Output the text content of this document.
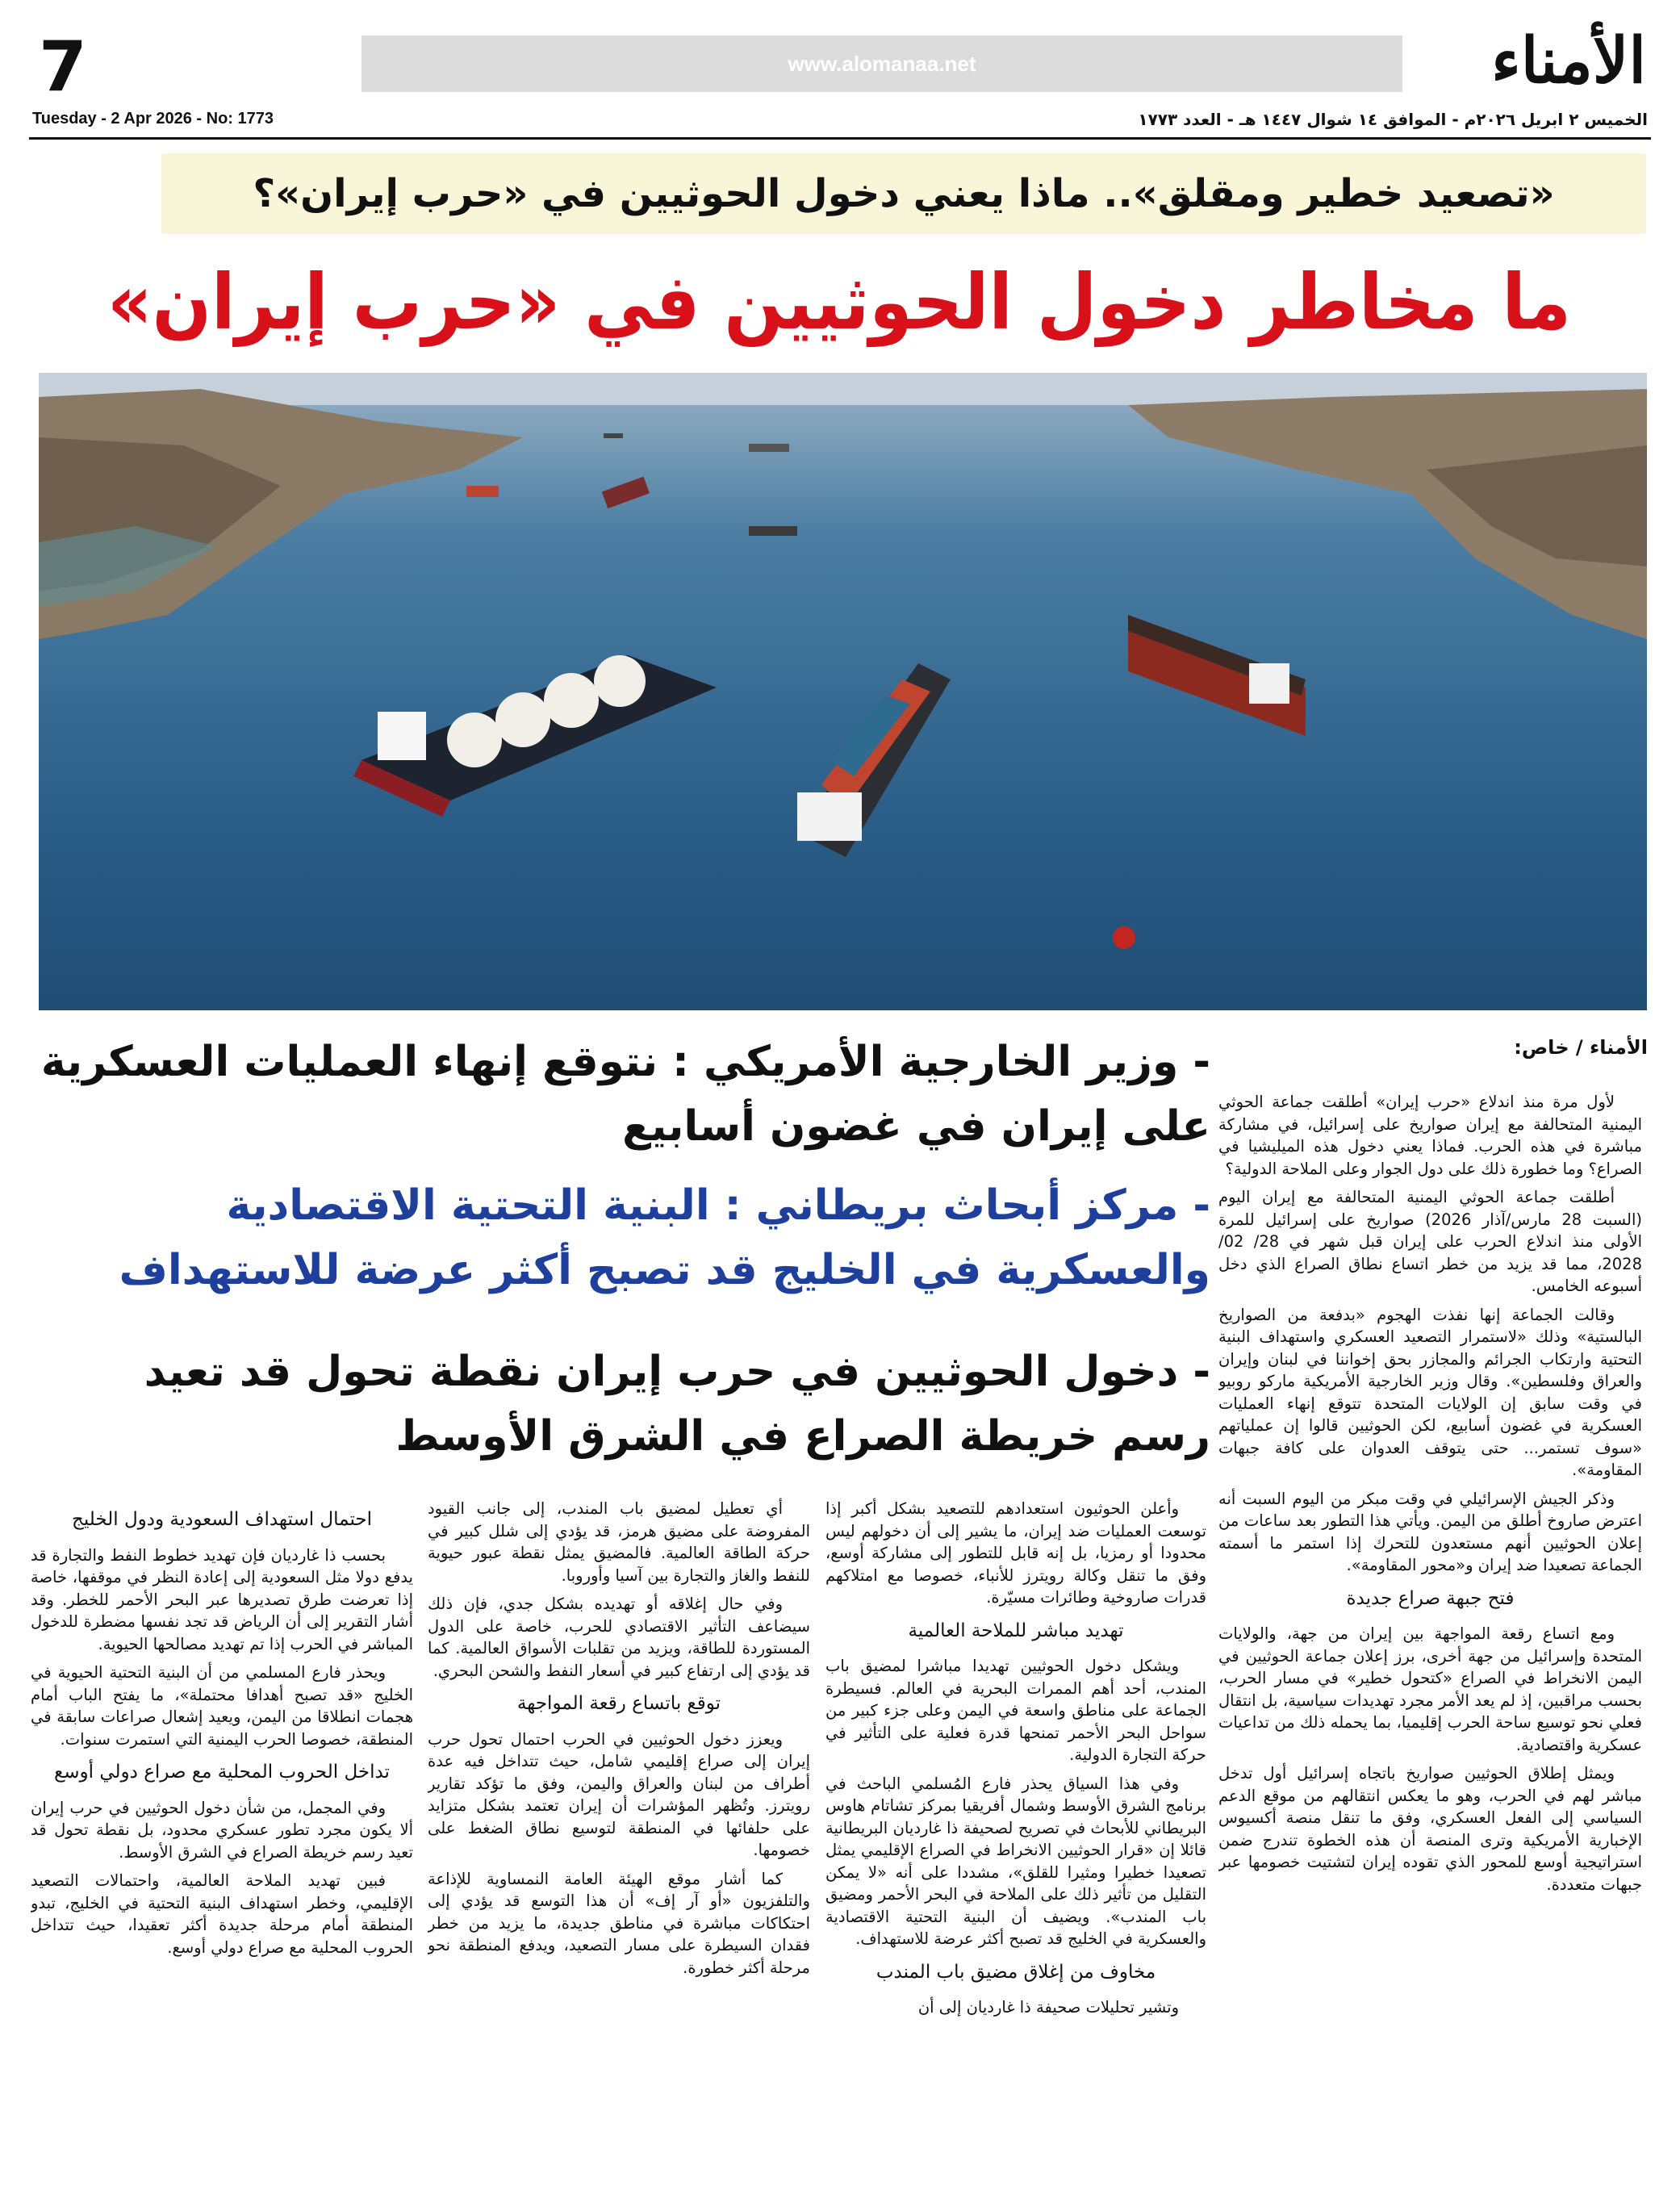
7	www.alomanaa.net	الأمناء
Tuesday - 2 Apr 2026 - No: 1773	الخميس ٢ ابريل ٢٠٢٦م - الموافق ١٤ شوال ١٤٤٧ هـ - العدد ١٧٧٣
«تصعيد خطير ومقلق».. ماذا يعني دخول الحوثيين في «حرب إيران»؟
ما مخاطر دخول الحوثيين في «حرب إيران»
الأمناء / خاص:
- وزير الخارجية الأمريكي : نتوقع إنهاء العمليات العسكرية على إيران في غضون أسابيع
- مركز أبحاث بريطاني : البنية التحتية الاقتصادية والعسكرية في الخليج قد تصبح أكثر عرضة للاستهداف
- دخول الحوثيين في حرب إيران نقطة تحول قد تعيد رسم خريطة الصراع في الشرق الأوسط

لأول مرة منذ اندلاع «حرب إيران» أطلقت جماعة الحوثي اليمنية المتحالفة مع إيران صواريخ على إسرائيل، في مشاركة مباشرة في هذه الحرب. فماذا يعني دخول هذه الميليشيا في الصراع؟ وما خطورة ذلك على دول الجوار وعلى الملاحة الدولية؟

أطلقت جماعة الحوثي اليمنية المتحالفة مع إيران اليوم (السبت 28 مارس/آذار 2026) صواريخ على إسرائيل للمرة الأولى منذ اندلاع الحرب على إيران قبل شهر في 28/ 02/ 2028، مما قد يزيد من خطر اتساع نطاق الصراع الذي دخل أسبوعه الخامس.

وقالت الجماعة إنها نفذت الهجوم «بدفعة من الصواريخ البالستية» وذلك «لاستمرار التصعيد العسكري واستهداف البنية التحتية وارتكاب الجرائم والمجازر بحق إخواننا في لبنان وإيران والعراق وفلسطين». وقال وزير الخارجية الأمريكية ماركو روبيو في وقت سابق إن الولايات المتحدة تتوقع إنهاء العمليات العسكرية في غضون أسابيع، لكن الحوثيين قالوا إن عملياتهم «سوف تستمر... حتى يتوقف العدوان على كافة جبهات المقاومة».

وذكر الجيش الإسرائيلي في وقت مبكر من اليوم السبت أنه اعترض صاروخ أطلق من اليمن. ويأتي هذا التطور بعد ساعات من إعلان الحوثيين أنهم مستعدون للتحرك إذا استمر ما أسمته الجماعة تصعيدا ضد إيران و«محور المقاومة».

فتح جبهة صراع جديدة

ومع اتساع رقعة المواجهة بين إيران من جهة، والولايات المتحدة وإسرائيل من جهة أخرى، برز إعلان جماعة الحوثيين في اليمن الانخراط في الصراع «كتحول خطير» في مسار الحرب، بحسب مراقبين، إذ لم يعد الأمر مجرد تهديدات سياسية، بل انتقال فعلي نحو توسيع ساحة الحرب إقليميا، بما يحمله ذلك من تداعيات عسكرية واقتصادية.

ويمثل إطلاق الحوثيين صواريخ باتجاه إسرائيل أول تدخل مباشر لهم في الحرب، وهو ما يعكس انتقالهم من موقع الدعم السياسي إلى الفعل العسكري، وفق ما تنقل منصة أكسيوس الإخبارية الأمريكية وترى المنصة أن هذه الخطوة تندرج ضمن استراتيجية أوسع للمحور الذي تقوده إيران لتشتيت خصومها عبر جبهات متعددة.

وأعلن الحوثيون استعدادهم للتصعيد بشكل أكبر إذا توسعت العمليات ضد إيران، ما يشير إلى أن دخولهم ليس محدودا أو رمزيا، بل إنه قابل للتطور إلى مشاركة أوسع، وفق ما تنقل وكالة رويترز للأنباء، خصوصا مع امتلاكهم قدرات صاروخية وطائرات مسيّرة.

تهديد مباشر للملاحة العالمية

ويشكل دخول الحوثيين تهديدا مباشرا لمضيق باب المندب، أحد أهم الممرات البحرية في العالم. فسيطرة الجماعة على مناطق واسعة في اليمن وعلى جزء كبير من سواحل البحر الأحمر تمنحها قدرة فعلية على التأثير في حركة التجارة الدولية.

وفي هذا السياق يحذر فارع المُسلمي الباحث في برنامج الشرق الأوسط وشمال أفريقيا بمركز تشاتام هاوس البريطاني للأبحاث في تصريح لصحيفة ذا غارديان البريطانية قائلا إن «قرار الحوثيين الانخراط في الصراع الإقليمي يمثل تصعيدا خطيرا ومثيرا للقلق»، مشددا على أنه «لا يمكن التقليل من تأثير ذلك على الملاحة في البحر الأحمر ومضيق باب المندب». ويضيف أن البنية التحتية الاقتصادية والعسكرية في الخليج قد تصبح أكثر عرضة للاستهداف.

مخاوف من إغلاق مضيق باب المندب

وتشير تحليلات صحيفة ذا غارديان إلى أن

أي تعطيل لمضيق باب المندب، إلى جانب القيود المفروضة على مضيق هرمز، قد يؤدي إلى شلل كبير في حركة الطاقة العالمية. فالمضيق يمثل نقطة عبور حيوية للنفط والغاز والتجارة بين آسيا وأوروبا.

وفي حال إغلاقه أو تهديده بشكل جدي، فإن ذلك سيضاعف التأثير الاقتصادي للحرب، خاصة على الدول المستوردة للطاقة، ويزيد من تقلبات الأسواق العالمية. كما قد يؤدي إلى ارتفاع كبير في أسعار النفط والشحن البحري.

توقع باتساع رقعة المواجهة

ويعزز دخول الحوثيين في الحرب احتمال تحول حرب إيران إلى صراع إقليمي شامل، حيث تتداخل فيه عدة أطراف من لبنان والعراق واليمن، وفق ما تؤكد تقارير رويترز. وتُظهر المؤشرات أن إيران تعتمد بشكل متزايد على حلفائها في المنطقة لتوسيع نطاق الضغط على خصومها.

كما أشار موقع الهيئة العامة النمساوية للإذاعة والتلفزيون «أو آر إف» أن هذا التوسع قد يؤدي إلى احتكاكات مباشرة في مناطق جديدة، ما يزيد من خطر فقدان السيطرة على مسار التصعيد، ويدفع المنطقة نحو مرحلة أكثر خطورة.

احتمال استهداف السعودية ودول الخليج

بحسب ذا غارديان فإن تهديد خطوط النفط والتجارة قد يدفع دولا مثل السعودية إلى إعادة النظر في موقفها، خاصة إذا تعرضت طرق تصديرها عبر البحر الأحمر للخطر. وقد أشار التقرير إلى أن الرياض قد تجد نفسها مضطرة للدخول المباشر في الحرب إذا تم تهديد مصالحها الحيوية.

ويحذر فارع المسلمي من أن البنية التحتية الحيوية في الخليج «قد تصبح أهدافا محتملة»، ما يفتح الباب أمام هجمات انطلاقا من اليمن، ويعيد إشعال صراعات سابقة في المنطقة، خصوصا الحرب اليمنية التي استمرت سنوات.

تداخل الحروب المحلية مع صراع دولي أوسع

وفي المجمل، من شأن دخول الحوثيين في حرب إيران ألا يكون مجرد تطور عسكري محدود، بل نقطة تحول قد تعيد رسم خريطة الصراع في الشرق الأوسط.

فبين تهديد الملاحة العالمية، واحتمالات التصعيد الإقليمي، وخطر استهداف البنية التحتية في الخليج، تبدو المنطقة أمام مرحلة جديدة أكثر تعقيدا، حيث تتداخل الحروب المحلية مع صراع دولي أوسع.
